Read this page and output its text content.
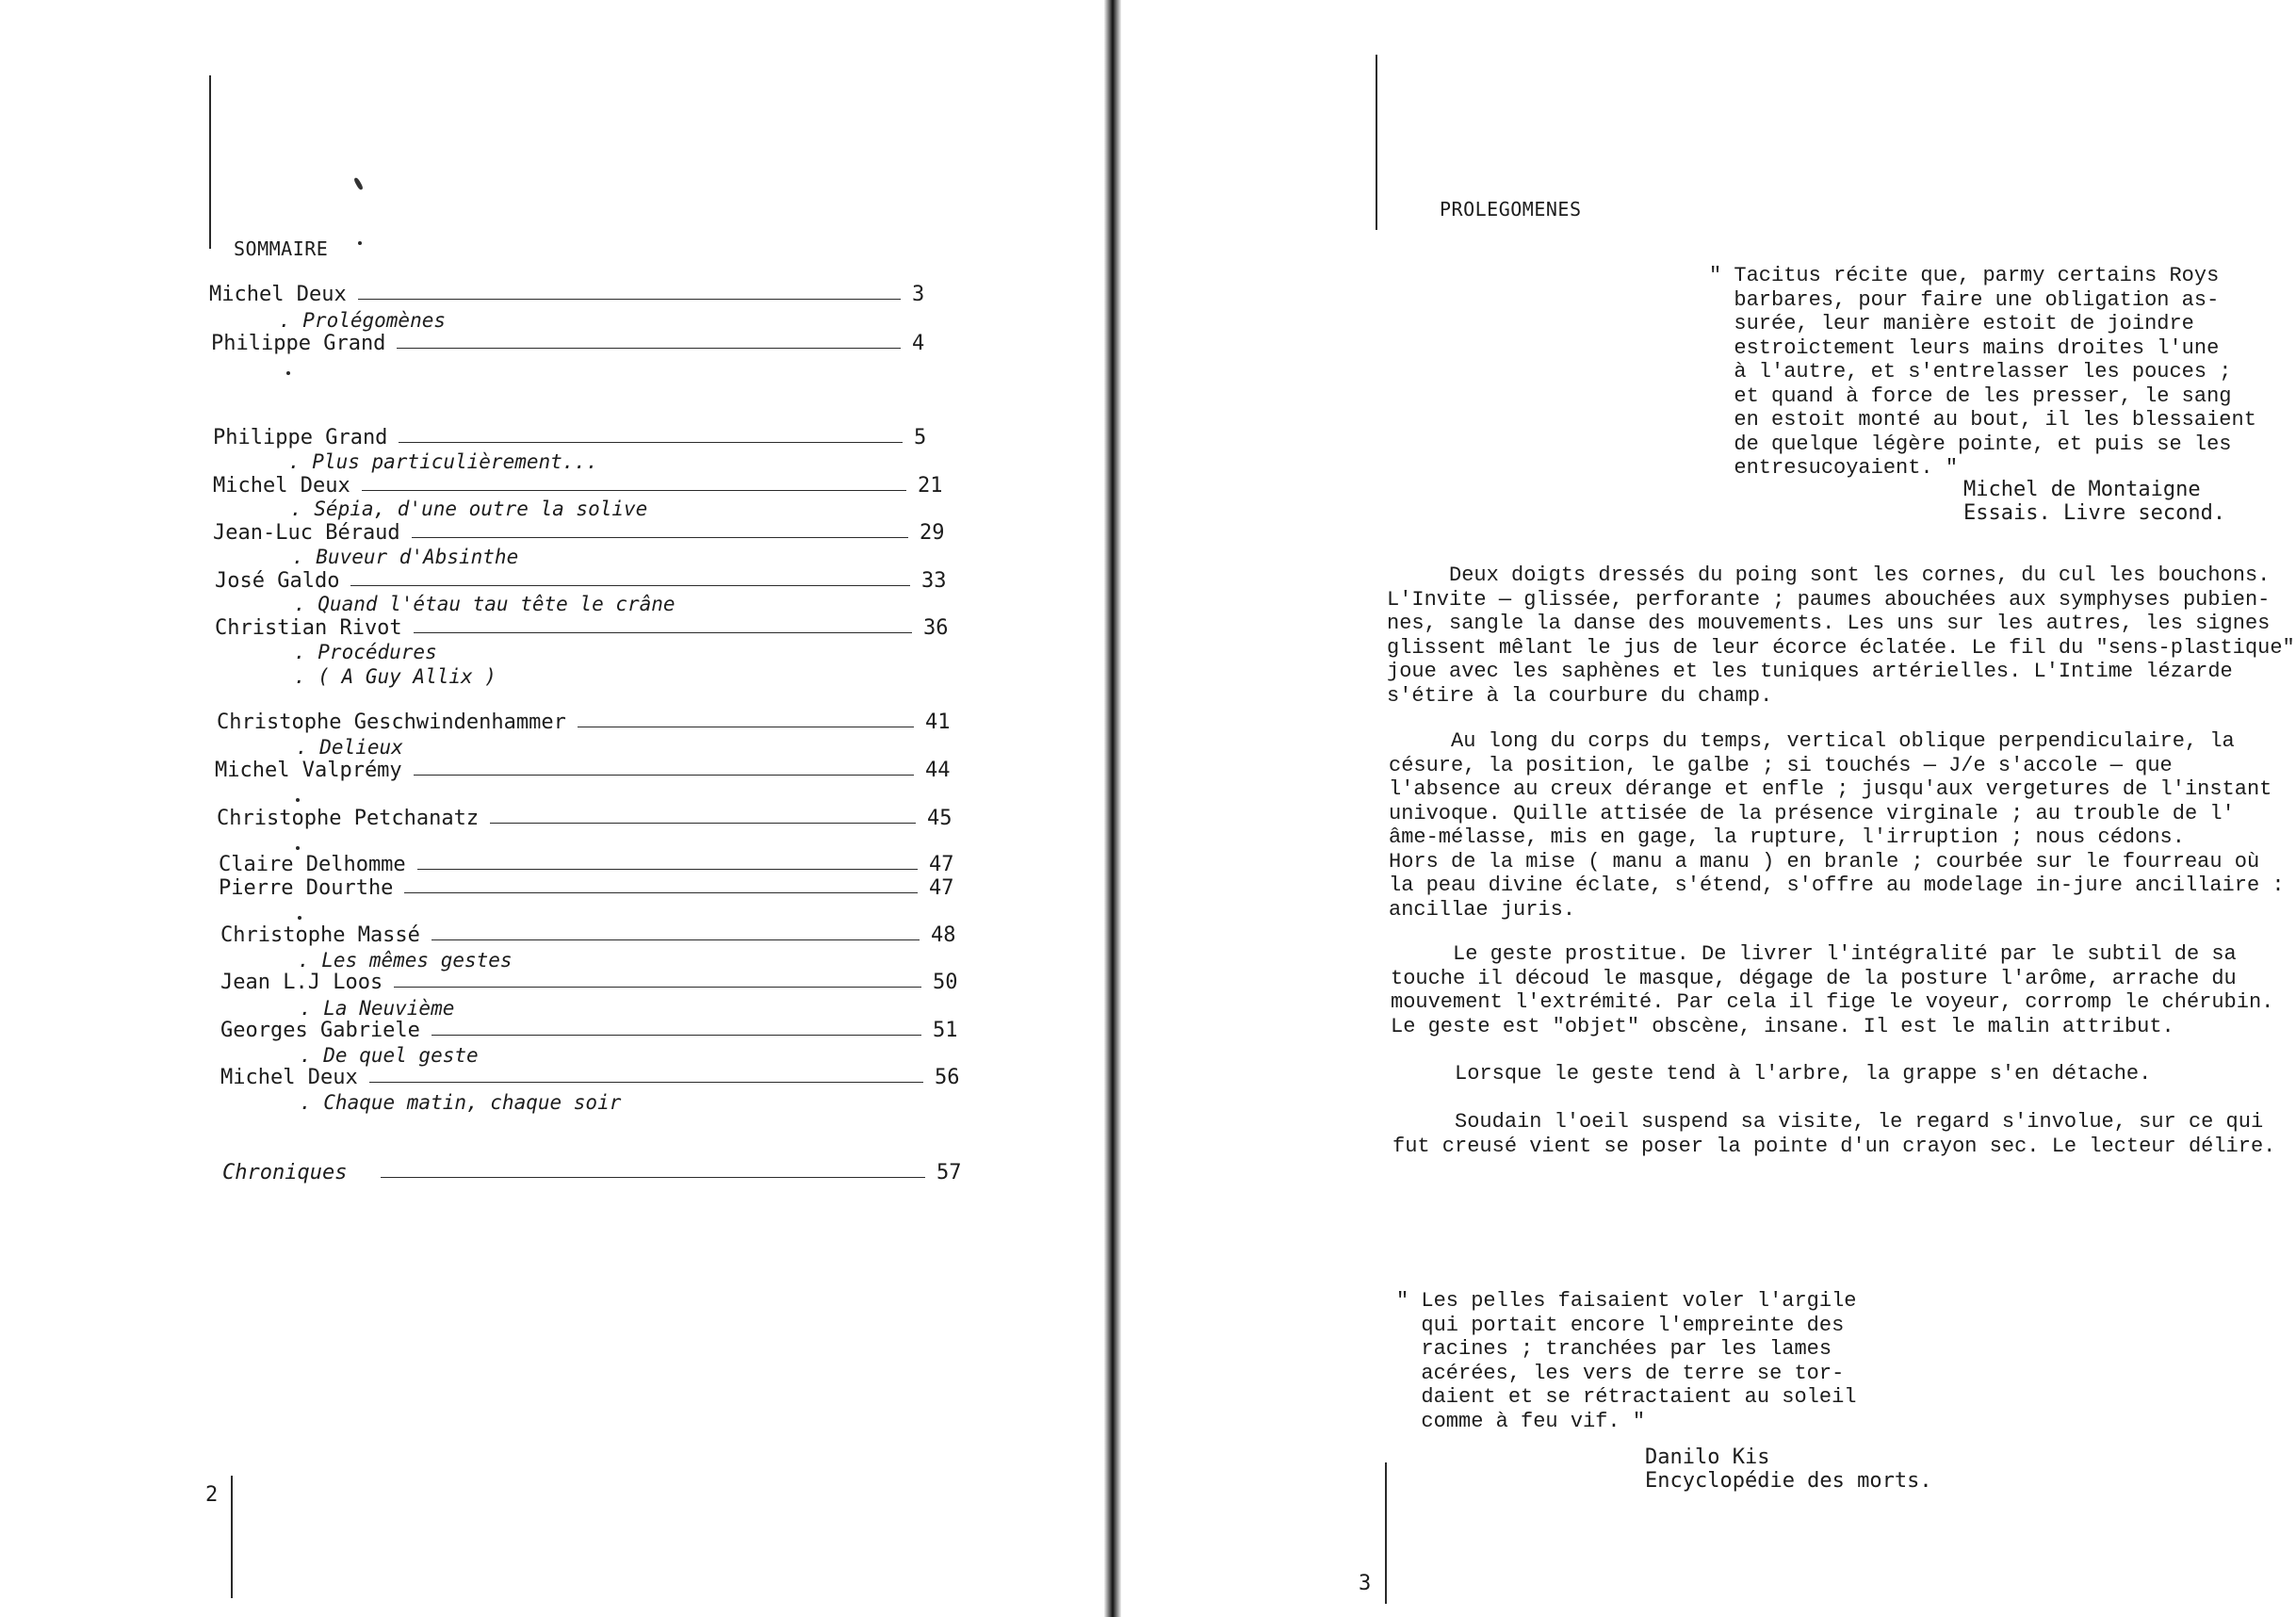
SOMMAIRE
Michel Deux	3
. Prolégomènes
Philippe Grand	4
Philippe Grand	5
. Plus particulièrement...
Michel Deux	21
. Sépia, d'une outre la solive
Jean-Luc Béraud	29
. Buveur d'Absinthe
José Galdo	33
. Quand l'étau tau tête le crâne
Christian Rivot	36
. Procédures
. ( A Guy Allix )
Christophe Geschwindenhammer	41
. Delieux
Michel Valprémy	44
Christophe Petchanatz	45
Claire Delhomme	47
Pierre Dourthe	47
Christophe Massé	48
. Les mêmes gestes
Jean L.J Loos	50
. La Neuvième
Georges Gabriele	51
. De quel geste
Michel Deux	56
. Chaque matin, chaque soir
Chroniques	57
2
PROLEGOMENES
" Tacitus récite que, parmy certains Roys
barbares, pour faire une obligation as-
surée, leur manière estoit de joindre
estroictement leurs mains droites l'une
à l'autre, et s'entrelasser les pouces ;
et quand à force de les presser, le sang
en estoit monté au bout, il les blessaient
de quelque légère pointe, et puis se les
entresucoyaient. "
Michel de Montaigne
Essais. Livre second.
Deux doigts dressés du poing sont les cornes, du cul les bouchons.
L'Invite — glissée, perforante ; paumes abouchées aux symphyses pubien-
nes, sangle la danse des mouvements. Les uns sur les autres, les signes
glissent mêlant le jus de leur écorce éclatée. Le fil du "sens-plastique"
joue avec les saphènes et les tuniques artérielles. L'Intime lézarde
s'étire à la courbure du champ.
Au long du corps du temps, vertical oblique perpendiculaire, la
césure, la position, le galbe ; si touchés — J/e s'accole — que
l'absence au creux dérange et enfle ; jusqu'aux vergetures de l'instant
univoque. Quille attisée de la présence virginale ; au trouble de l'
âme-mélasse, mis en gage, la rupture, l'irruption ; nous cédons.
Hors de la mise ( manu a manu ) en branle ; courbée sur le fourreau où
la peau divine éclate, s'étend, s'offre au modelage in-jure ancillaire :
ancillae juris.
Le geste prostitue. De livrer l'intégralité par le subtil de sa
touche il découd le masque, dégage de la posture l'arôme, arrache du
mouvement l'extrémité. Par cela il fige le voyeur, corromp le chérubin.
Le geste est "objet" obscène, insane. Il est le malin attribut.
Lorsque le geste tend à l'arbre, la grappe s'en détache.
Soudain l'oeil suspend sa visite, le regard s'involue, sur ce qui
fut creusé vient se poser la pointe d'un crayon sec. Le lecteur délire.
" Les pelles faisaient voler l'argile
qui portait encore l'empreinte des
racines ; tranchées par les lames
acérées, les vers de terre se tor-
daient et se rétractaient au soleil
comme à feu vif. "
Danilo Kis
Encyclopédie des morts.
3
